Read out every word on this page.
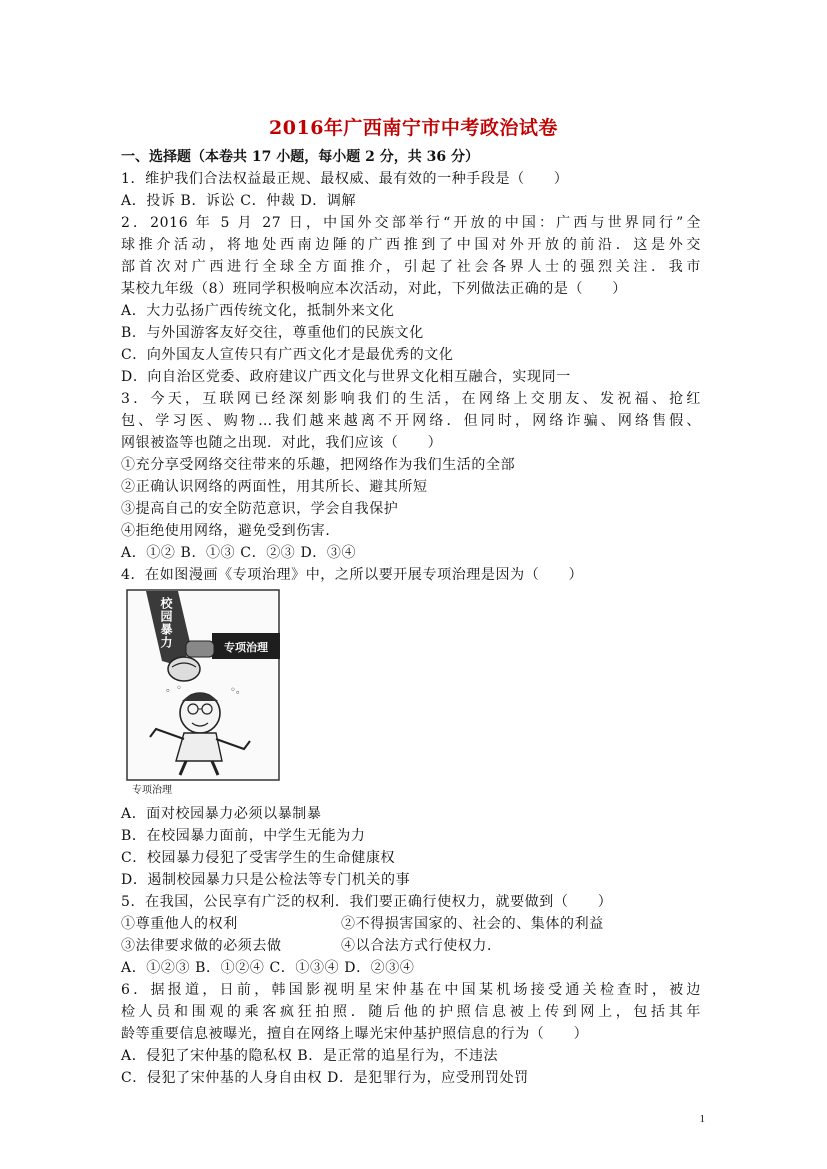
2016年广西南宁市中考政治试卷
一、选择题（本卷共 17 小题，每小题 2 分，共 36 分）
1．维护我们合法权益最正规、最权威、最有效的一种手段是（　　）
A．投诉 B．诉讼 C．仲裁 D．调解
2．2016 年 5 月 27 日，中国外交部举行“开放的中国：广西与世界同行”全
球推介活动，将地处西南边陲的广西推到了中国对外开放的前沿．这是外交
部首次对广西进行全球全方面推介，引起了社会各界人士的强烈关注．我市
某校九年级（8）班同学积极响应本次活动，对此，下列做法正确的是（　　）
A．大力弘扬广西传统文化，抵制外来文化
B．与外国游客友好交往，尊重他们的民族文化
C．向外国友人宣传只有广西文化才是最优秀的文化
D．向自治区党委、政府建议广西文化与世界文化相互融合，实现同一
3．今天，互联网已经深刻影响我们的生活，在网络上交朋友、发祝福、抢红
包、学习医、购物…我们越来越离不开网络．但同时，网络诈骗、网络售假、
网银被盗等也随之出现．对此，我们应该（　　）
①充分享受网络交往带来的乐趣，把网络作为我们生活的全部
②正确认识网络的两面性，用其所长、避其所短
③提高自己的安全防范意识，学会自我保护
④拒绝使用网络，避免受到伤害．
A．①② B．①③ C．②③ D．③④
4．在如图漫画《专项治理》中，之所以要开展专项治理是因为（　　）
校园暴力	专项治理
。◦	◦。
专项治理
A．面对校园暴力必须以暴制暴
B．在校园暴力面前，中学生无能为力
C．校园暴力侵犯了受害学生的生命健康权
D．遏制校园暴力只是公检法等专门机关的事
5．在我国，公民享有广泛的权利．我们要正确行使权力，就要做到（　　）
①尊重他人的权利	②不得损害国家的、社会的、集体的利益
③法律要求做的必须去做	④以合法方式行使权力．
A．①②③ B．①②④ C．①③④ D．②③④
6．据报道，日前，韩国影视明星宋仲基在中国某机场接受通关检查时，被边
检人员和围观的乘客疯狂拍照．随后他的护照信息被上传到网上，包括其年
龄等重要信息被曝光，擅自在网络上曝光宋仲基护照信息的行为（　　）
A．侵犯了宋仲基的隐私权 B．是正常的追星行为，不违法
C．侵犯了宋仲基的人身自由权 D．是犯罪行为，应受刑罚处罚
1
